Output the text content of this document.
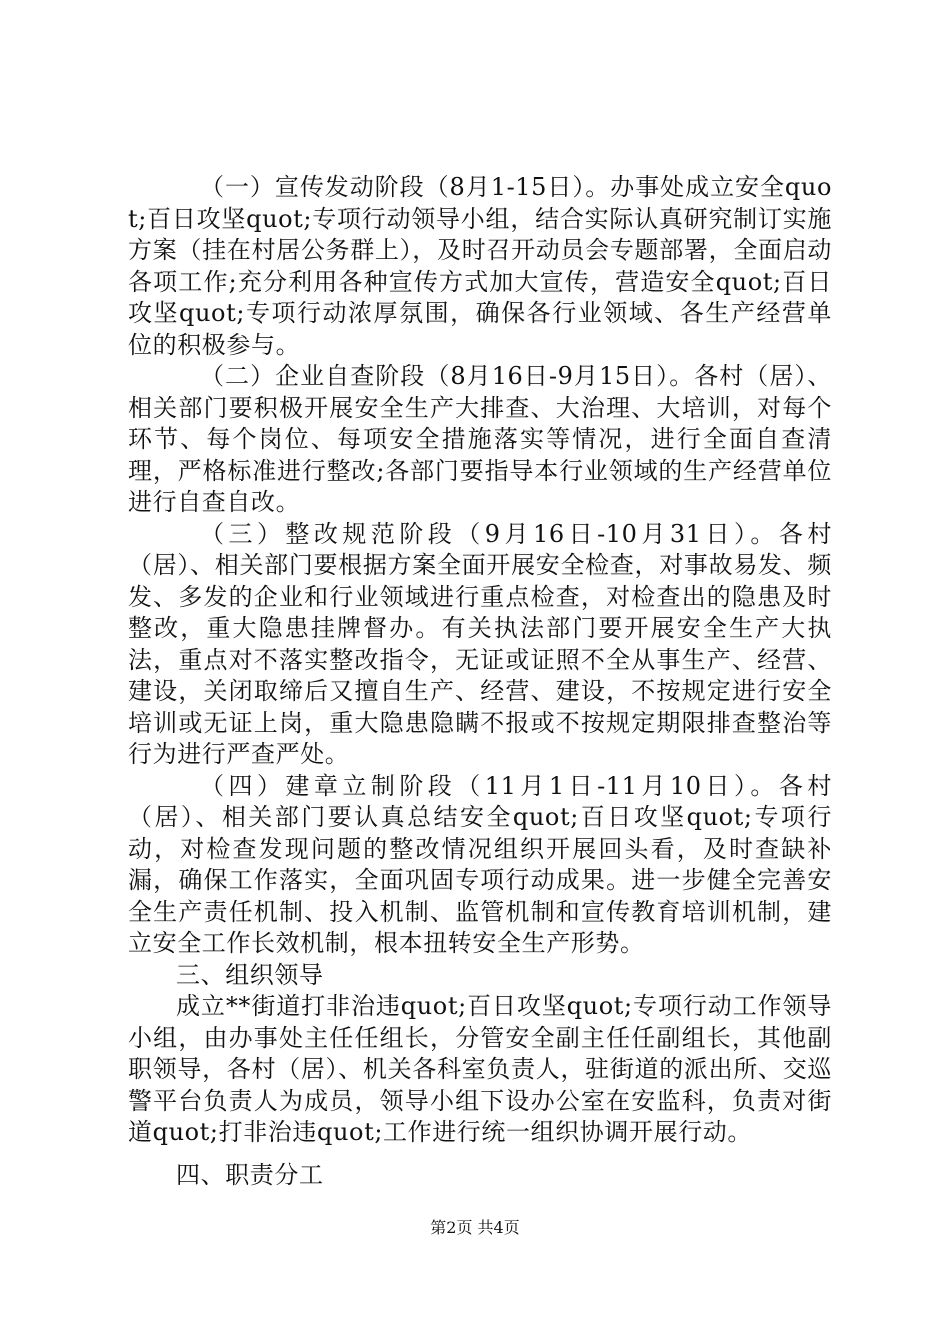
（一）宣传发动阶段（8月1-15日）。办事处成立安全quot;百日攻坚quot;专项行动领导小组，结合实际认真研究制订实施方案（挂在村居公务群上），及时召开动员会专题部署，全面启动各项工作;充分利用各种宣传方式加大宣传，营造安全quot;百日攻坚quot;专项行动浓厚氛围，确保各行业领域、各生产经营单位的积极参与。

（二）企业自查阶段（8月16日-9月15日）。各村（居）、相关部门要积极开展安全生产大排查、大治理、大培训，对每个环节、每个岗位、每项安全措施落实等情况，进行全面自查清理，严格标准进行整改;各部门要指导本行业领域的生产经营单位进行自查自改。

（三）整改规范阶段（9月16日-10月31日）。各村（居）、相关部门要根据方案全面开展安全检查，对事故易发、频发、多发的企业和行业领域进行重点检查，对检查出的隐患及时整改，重大隐患挂牌督办。有关执法部门要开展安全生产大执法，重点对不落实整改指令，无证或证照不全从事生产、经营、建设，关闭取缔后又擅自生产、经营、建设，不按规定进行安全培训或无证上岗，重大隐患隐瞒不报或不按规定期限排查整治等行为进行严查严处。

（四）建章立制阶段（11月1日-11月10日）。各村（居）、相关部门要认真总结安全quot;百日攻坚quot;专项行动，对检查发现问题的整改情况组织开展回头看，及时查缺补漏，确保工作落实，全面巩固专项行动成果。进一步健全完善安全生产责任机制、投入机制、监管机制和宣传教育培训机制，建立安全工作长效机制，根本扭转安全生产形势。

三、组织领导

成立**街道打非治违quot;百日攻坚quot;专项行动工作领导小组，由办事处主任任组长，分管安全副主任任副组长，其他副职领导，各村（居）、机关各科室负责人，驻街道的派出所、交巡警平台负责人为成员，领导小组下设办公室在安监科，负责对街道quot;打非治违quot;工作进行统一组织协调开展行动。

四、职责分工

第2页 共4页
